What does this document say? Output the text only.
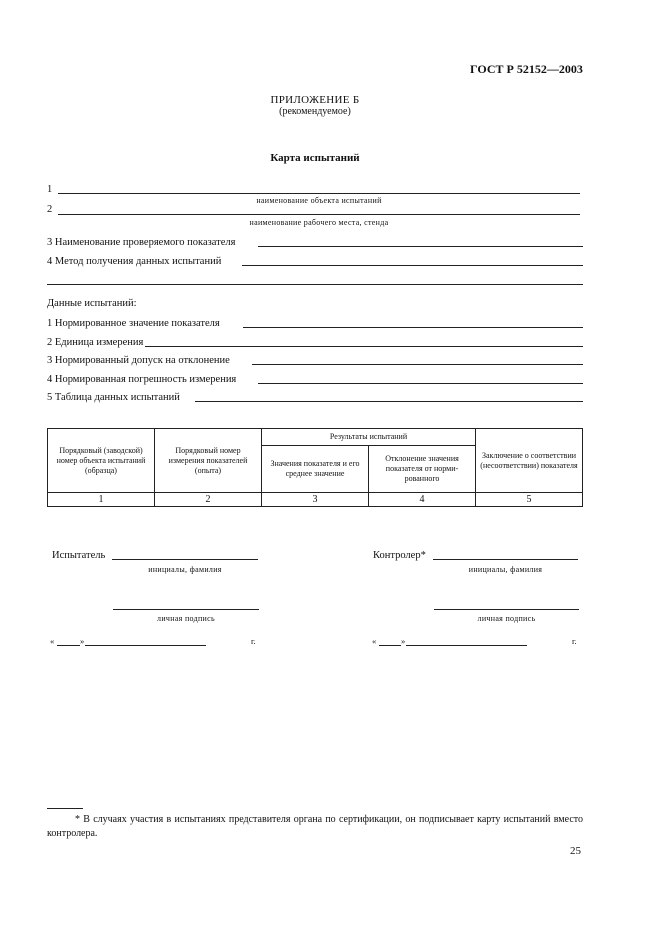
ГОСТ Р 52152—2003
ПРИЛОЖЕНИЕ Б
(рекомендуемое)
Карта испытаний
1
наименование объекта испытаний
2
наименование рабочего места, стенда
3 Наименование проверяемого показателя
4 Метод получения данных испытаний
Данные испытаний:
1 Нормированное значение показателя
2 Единица измерения
3 Нормированный допуск на отклонение
4 Нормированная погрешность измерения
5 Таблица данных испытаний
Порядковый (заводской) номер объекта испытаний (образца)	Порядковый номер измерения показателей (опыта)	Результаты испытаний		Заключение о соответствии (несоответствии) показателя
		Значения показателя и его среднее значение	Отклонение значения показателя от норми-рованного	
1	2	3	4	5
Испытатель
инициалы, фамилия
личная подпись
«	»	г.
Контролер*
инициалы, фамилия
личная подпись
«	»	г.
* В случаях участия в испытаниях представителя органа по сертификации, он подписывает карту испытаний вместо контролера.
25
